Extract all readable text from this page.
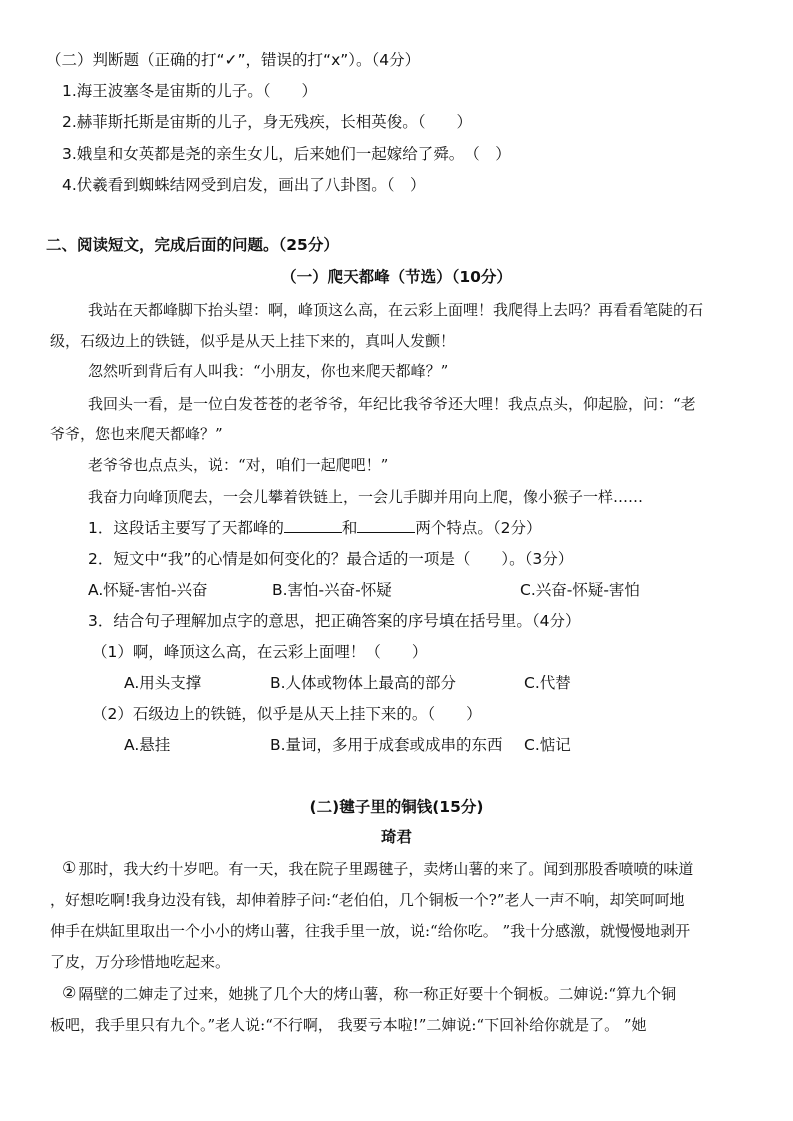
（二）判断题（正确的打“✓”，错误的打“x”）。（4分）
1.海王波塞冬是宙斯的儿子。（　　）
2.赫菲斯托斯是宙斯的儿子，身无残疾，长相英俊。（　　）
3.娥皇和女英都是尧的亲生女儿，后来她们一起嫁给了舜。　（　）
4.伏羲看到蜘蛛结网受到启发，画出了八卦图。（　）
二、阅读短文，完成后面的问题。（25分）
（一）爬天都峰（节选）（10分）
我站在天都峰脚下抬头望：啊，峰顶这么高，在云彩上面哩！我爬得上去吗？再看看笔陡的石
级，石级边上的铁链，似乎是从天上挂下来的，真叫人发颤！
忽然听到背后有人叫我：“小朋友，你也来爬天都峰？”
我回头一看，是一位白发苍苍的老爷爷，年纪比我爷爷还大哩！我点点头，仰起脸，问：“老
爷爷，您也来爬天都峰？”
老爷爷也点点头，说：“对，咱们一起爬吧！”
我奋力向峰顶爬去，一会儿攀着铁链上，一会儿手脚并用向上爬，像小猴子一样……
1．这段话主要写了天都峰的	和	两个特点。（2分）
2．短文中“我”的心情是如何变化的？最合适的一项是（　　）。（3分）
A.怀疑-害怕-兴奋	B.害怕-兴奋-怀疑	C.兴奋-怀疑-害怕
3．结合句子理解加点字的意思，把正确答案的序号填在括号里。（4分）
（1）啊，峰顶这么高，在云彩上面哩！（　　）
A.用头支撑	B.人体或物体上最高的部分	C.代替
（2）石级边上的铁链，似乎是从天上挂下来的。（　　）
A.悬挂	B.量词，多用于成套或成串的东西 C.惦记
(二)毽子里的铜钱(15分)
琦君
① 那时，我大约十岁吧。有一天，我在院子里踢毽子，卖烤山薯的来了。闻到那股香喷喷的味道
，好想吃啊!我身边没有钱，却伸着脖子问:“老伯伯，几个铜板一个?”老人一声不响，却笑呵呵地
伸手在烘缸里取出一个小小的烤山薯，往我手里一放，说:“给你吃。 ”我十分感激，就慢慢地剥开
了皮，万分珍惜地吃起来。
② 隔壁的二婶走了过来，她挑了几个大的烤山薯，称一称正好要十个铜板。二婶说:“算九个铜
板吧，我手里只有九个。”老人说:“不行啊， 我要亏本啦!”二婶说:“下回补给你就是了。 ”她
